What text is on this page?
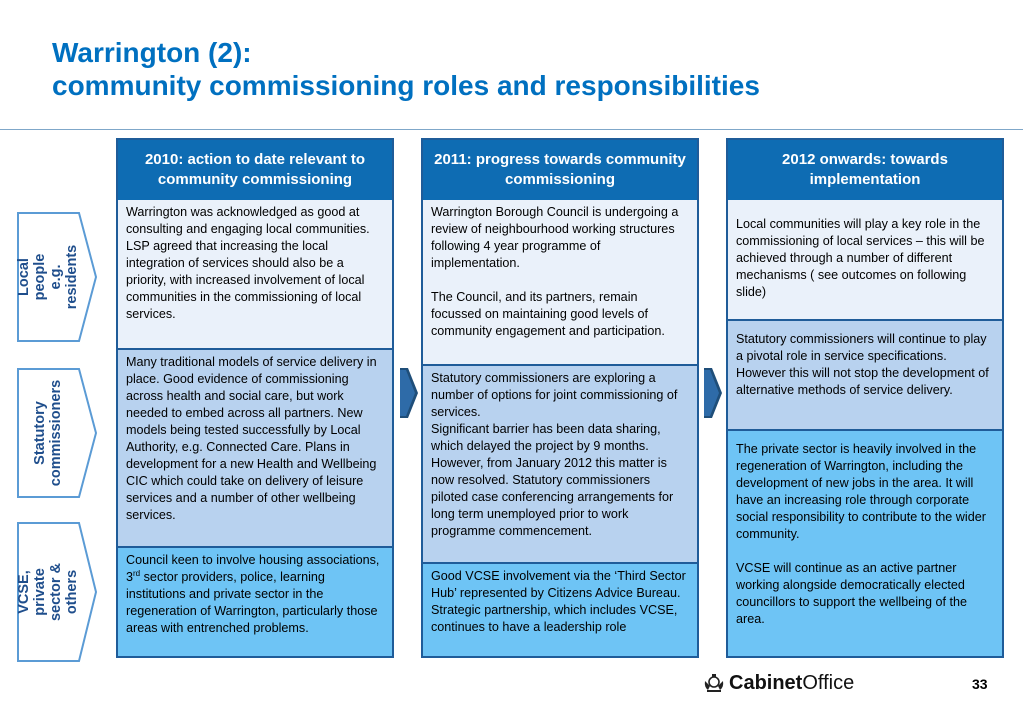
Warrington (2):
community commissioning roles and responsibilities
Local people
e.g. residents
Statutory
commissioners
VCSE, private
sector & others
2010: action to date relevant to community commissioning
Warrington was acknowledged as good at consulting and engaging local communities. LSP agreed that increasing the local integration of services should also be a priority, with increased involvement of local communities in the commissioning of local services.
Many traditional models of service delivery in place. Good evidence of commissioning across health and social care, but work needed to embed across all partners. New models being tested successfully by Local Authority, e.g. Connected Care. Plans in development for a new Health and Wellbeing CIC which could take on delivery of leisure services and a number of other wellbeing services.
Council keen to involve housing associations, 3rd sector providers, police, learning institutions and private sector in the regeneration of Warrington, particularly those areas with entrenched problems.
2011: progress towards community commissioning
Warrington Borough Council is undergoing a review of neighbourhood working structures following 4 year programme of implementation.

The Council, and its partners, remain focussed on maintaining good levels of community engagement and participation.
Statutory commissioners are exploring a number of options for joint commissioning of services.
Significant barrier has been data sharing, which delayed the project by 9 months. However, from January 2012 this matter is now resolved. Statutory commissioners piloted case conferencing arrangements for long term unemployed prior to work programme commencement.
Good VCSE involvement via the ‘Third Sector Hub’ represented by Citizens Advice Bureau. Strategic partnership, which includes VCSE, continues to have a leadership role
2012 onwards: towards implementation
Local communities will play a key role in the commissioning of local services – this will be achieved through a number of different mechanisms ( see outcomes on following slide)
Statutory commissioners will continue to play a pivotal role in service specifications. However this will not stop the development of alternative methods of service delivery.
The private sector is heavily involved in the regeneration of Warrington, including the development of new jobs in the area. It will have an increasing role through corporate social responsibility to contribute to the wider community.

VCSE will continue as an active partner working alongside democratically elected councillors to support the wellbeing of the area.
CabinetOffice	33
